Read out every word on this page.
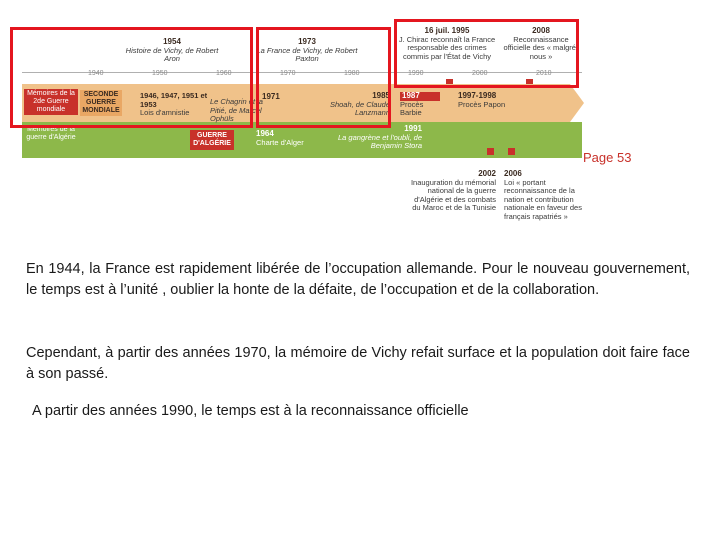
1954
Histoire de Vichy, de Robert Aron
1973
La France de Vichy, de Robert Paxton
16 juil. 1995
J. Chirac reconnaît la France responsable des crimes commis par l'État de Vichy
2008
Reconnaissance officielle des « malgré-nous »
1940	1950	1960	1970	1980	1990	2000	2010
Mémoires de la 2de Guerre mondiale
SECONDE GUERRE MONDIALE
Mémoires de la guerre d'Algérie	GUERRE D'ALGÉRIE
1946, 1947, 1951 et 1953
Lois d'amnistie
Le Chagrin et la Pitié, de Marcel Ophüls
1971	1985
Shoah, de Claude Lanzmann
1987
Procès Barbie
1997-1998
Procès Papon
1964
Charte d'Alger
1991
La gangrène et l'oubli, de Benjamin Stora
2002
Inauguration du mémorial national de la guerre d'Algérie et des combats du Maroc et de la Tunisie
2006
Loi « portant reconnaissance de la nation et contribution nationale en faveur des français rapatriés »
Page 53
En 1944, la France est rapidement libérée de l’occupation allemande. Pour le nouveau gouvernement, le temps est à l’unité , oublier la honte de la défaite, de l’occupation et de la collaboration.
Cependant, à partir des années 1970, la mémoire de Vichy refait surface et la population doit faire face à son passé.
A partir des années 1990, le temps est à la reconnaissance officielle
